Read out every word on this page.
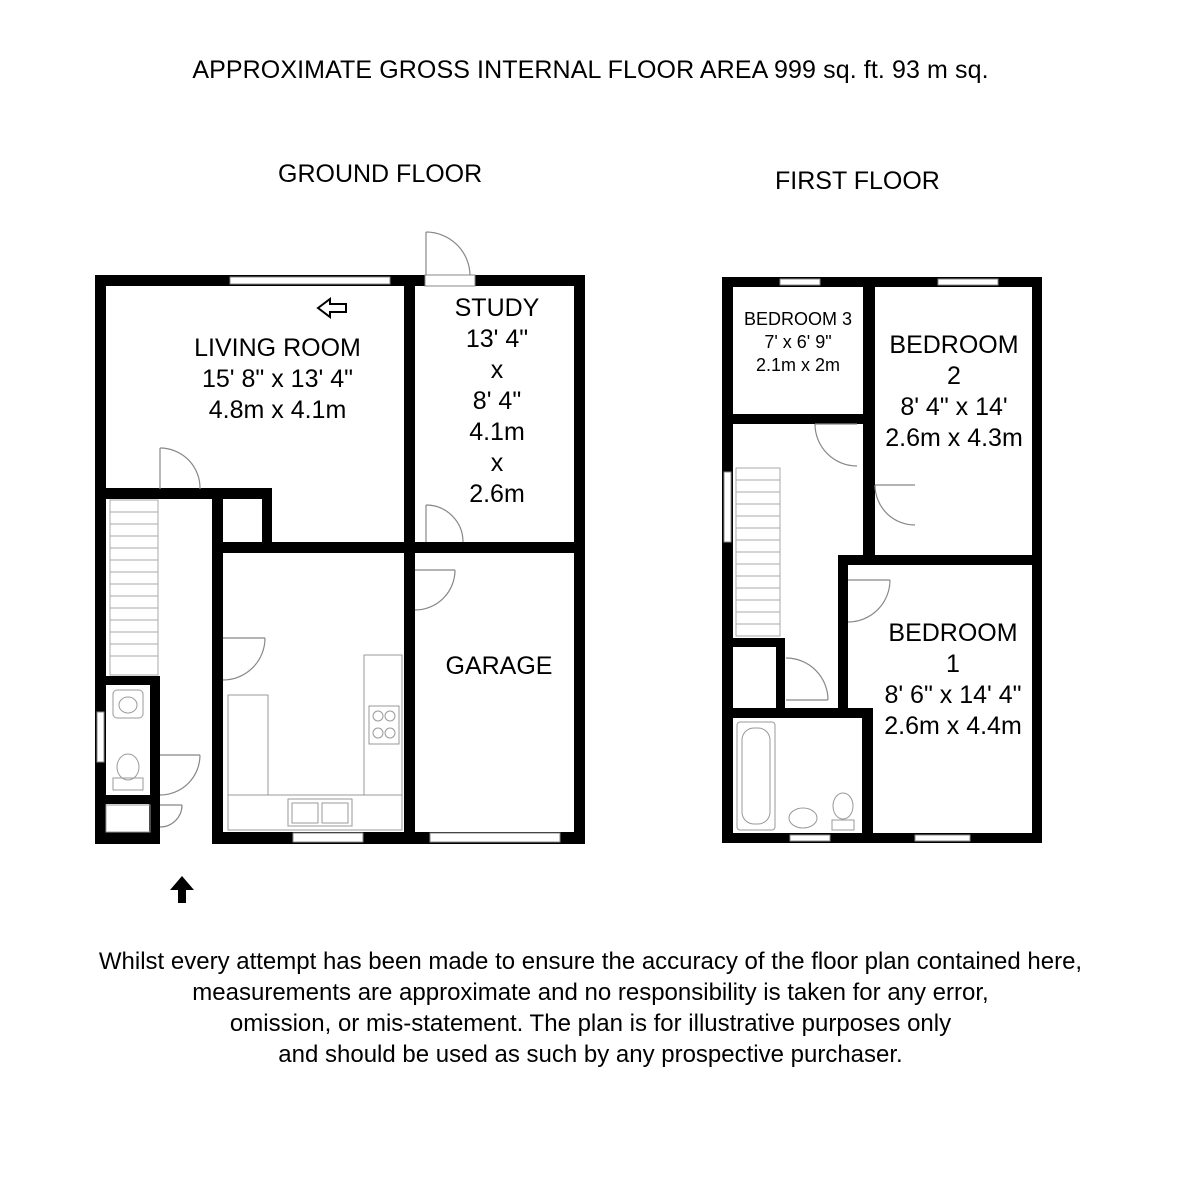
APPROXIMATE GROSS INTERNAL FLOOR AREA 999 sq. ft. 93 m sq.
GROUND FLOOR	FIRST FLOOR
LIVING ROOM
15' 8" x 13' 4"
4.8m x 4.1m
STUDY
13' 4"
x
8' 4"
4.1m
x
2.6m
GARAGE
BEDROOM 3
7' x 6' 9"
2.1m x 2m
BEDROOM
2
8' 4" x 14'
2.6m x 4.3m
BEDROOM
1
8' 6" x 14' 4"
2.6m x 4.4m
Whilst every attempt has been made to ensure the accuracy of the floor plan contained here,
measurements are approximate and no responsibility is taken for any error,
omission, or mis-statement. The plan is for illustrative purposes only
and should be used as such by any prospective purchaser.
